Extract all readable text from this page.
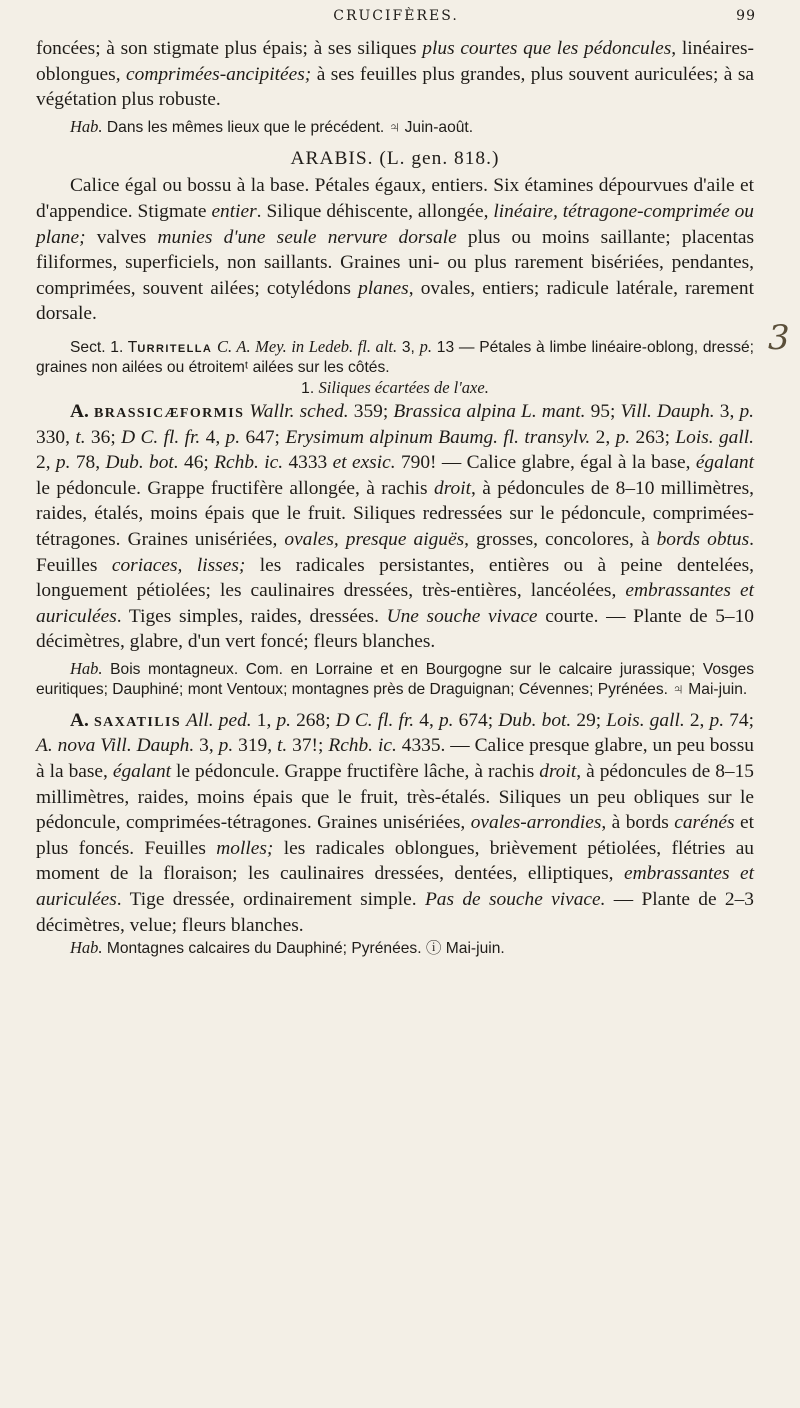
CRUCIFÈRES.	99

foncées; à son stigmate plus épais; à ses siliques plus courtes que les pédoncules, linéaires-oblongues, comprimées-ancipitées; à ses feuilles plus grandes, plus souvent auriculées; à sa végétation plus robuste.

Hab. Dans les mêmes lieux que le précédent. ♃ Juin-août.

ARABIS. (L. gen. 818.)

Calice égal ou bossu à la base. Pétales égaux, entiers. Six étamines dépourvues d'aile et d'appendice. Stigmate entier. Silique déhiscente, allongée, linéaire, tétragone-comprimée ou plane; valves munies d'une seule nervure dorsale plus ou moins saillante; placentas filiformes, superficiels, non saillants. Graines uni- ou plus rarement bisériées, pendantes, comprimées, souvent ailées; cotylédons planes, ovales, entiers; radicule latérale, rarement dorsale.

Sect. 1. Turritella C. A. Mey. in Ledeb. fl. alt. 3, p. 13 — Pétales à limbe linéaire-oblong, dressé; graines non ailées ou étroitemᵗ ailées sur les côtés.

1. Siliques écartées de l'axe.

A. brassicæformis Wallr. sched. 359; Brassica alpina L. mant. 95; Vill. Dauph. 3, p. 330, t. 36; D C. fl. fr. 4, p. 647; Erysimum alpinum Baumg. fl. transylv. 2, p. 263; Lois. gall. 2, p. 78, Dub. bot. 46; Rchb. ic. 4333 et exsic. 790! — Calice glabre, égal à la base, égalant le pédoncule. Grappe fructifère allongée, à rachis droit, à pédoncules de 8–10 millimètres, raides, étalés, moins épais que le fruit. Siliques redressées sur le pédoncule, comprimées-tétragones. Graines unisériées, ovales, presque aiguës, grosses, concolores, à bords obtus. Feuilles coriaces, lisses; les radicales persistantes, entières ou à peine dentelées, longuement pétiolées; les caulinaires dressées, très-entières, lancéolées, embrassantes et auriculées. Tiges simples, raides, dressées. Une souche vivace courte. — Plante de 5–10 décimètres, glabre, d'un vert foncé; fleurs blanches.

Hab. Bois montagneux. Com. en Lorraine et en Bourgogne sur le calcaire jurassique; Vosges euritiques; Dauphiné; mont Ventoux; montagnes près de Draguignan; Cévennes; Pyrénées. ♃ Mai-juin.

A. saxatilis All. ped. 1, p. 268; D C. fl. fr. 4, p. 674; Dub. bot. 29; Lois. gall. 2, p. 74; A. nova Vill. Dauph. 3, p. 319, t. 37!; Rchb. ic. 4335. — Calice presque glabre, un peu bossu à la base, égalant le pédoncule. Grappe fructifère lâche, à rachis droit, à pédoncules de 8–15 millimètres, raides, moins épais que le fruit, très-étalés. Siliques un peu obliques sur le pédoncule, comprimées-tétragones. Graines unisériées, ovales-arrondies, à bords carénés et plus foncés. Feuilles molles; les radicales oblongues, brièvement pétiolées, flétries au moment de la floraison; les caulinaires dressées, dentées, elliptiques, embrassantes et auriculées. Tige dressée, ordinairement simple. Pas de souche vivace. — Plante de 2–3 décimètres, velue; fleurs blanches.

Hab. Montagnes calcaires du Dauphiné; Pyrénées. ⓘ Mai-juin.

3
